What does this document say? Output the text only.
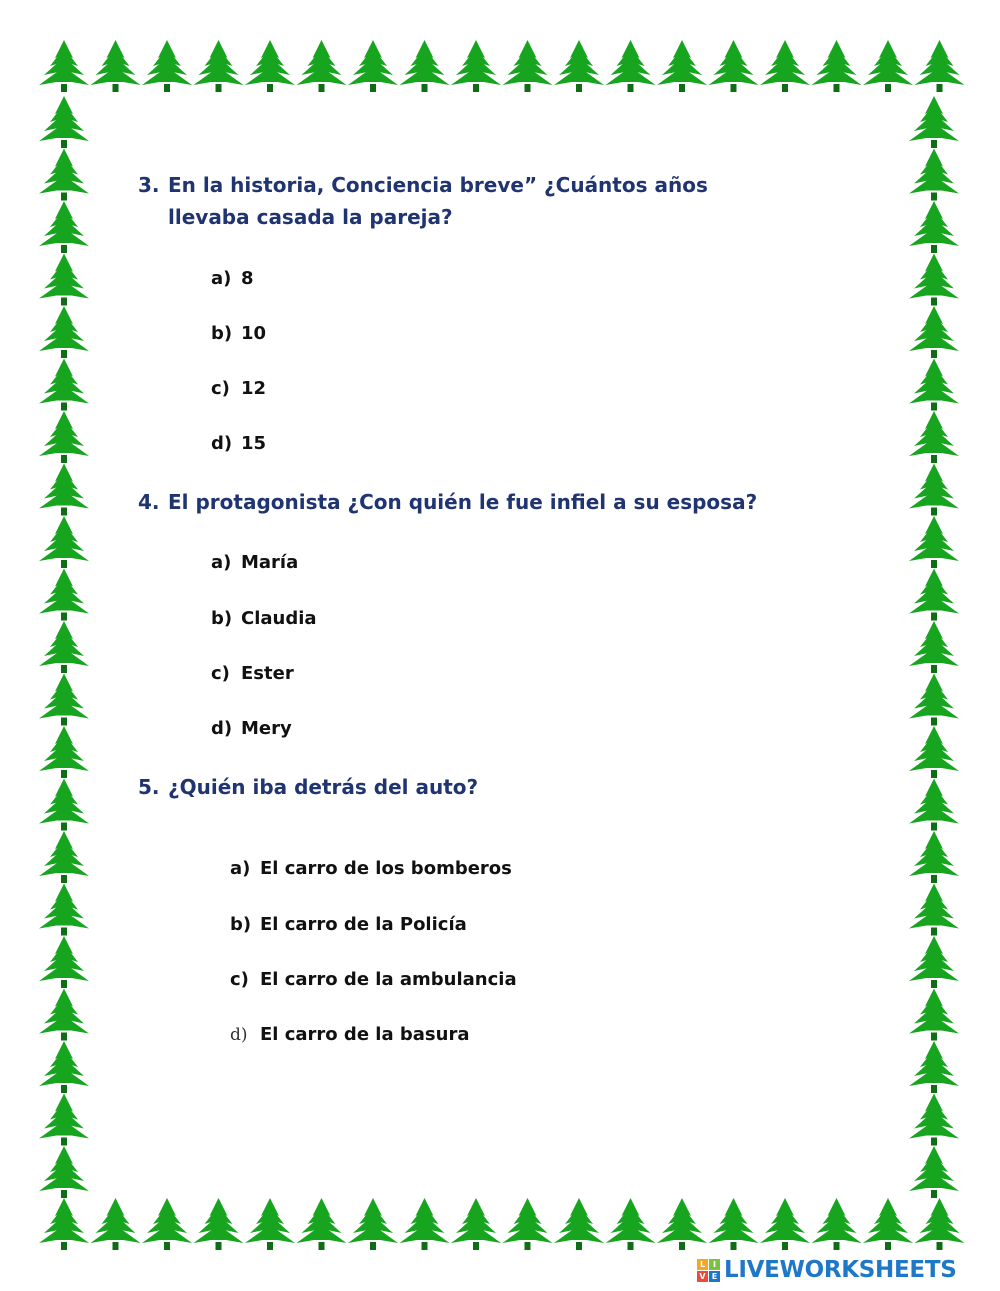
3. En la historia, Conciencia breve” ¿Cuántos años
llevaba casada la pareja?
a) 8
b) 10
c) 12
d) 15
4. El protagonista ¿Con quién le fue infiel a su esposa?
a) María
b) Claudia
c) Ester
d) Mery
5. ¿Quién iba detrás del auto?
a) El carro de los bomberos
b) El carro de la Policía
c) El carro de la ambulancia
d) El carro de la basura
L I
V E LIVEWORKSHEETS
